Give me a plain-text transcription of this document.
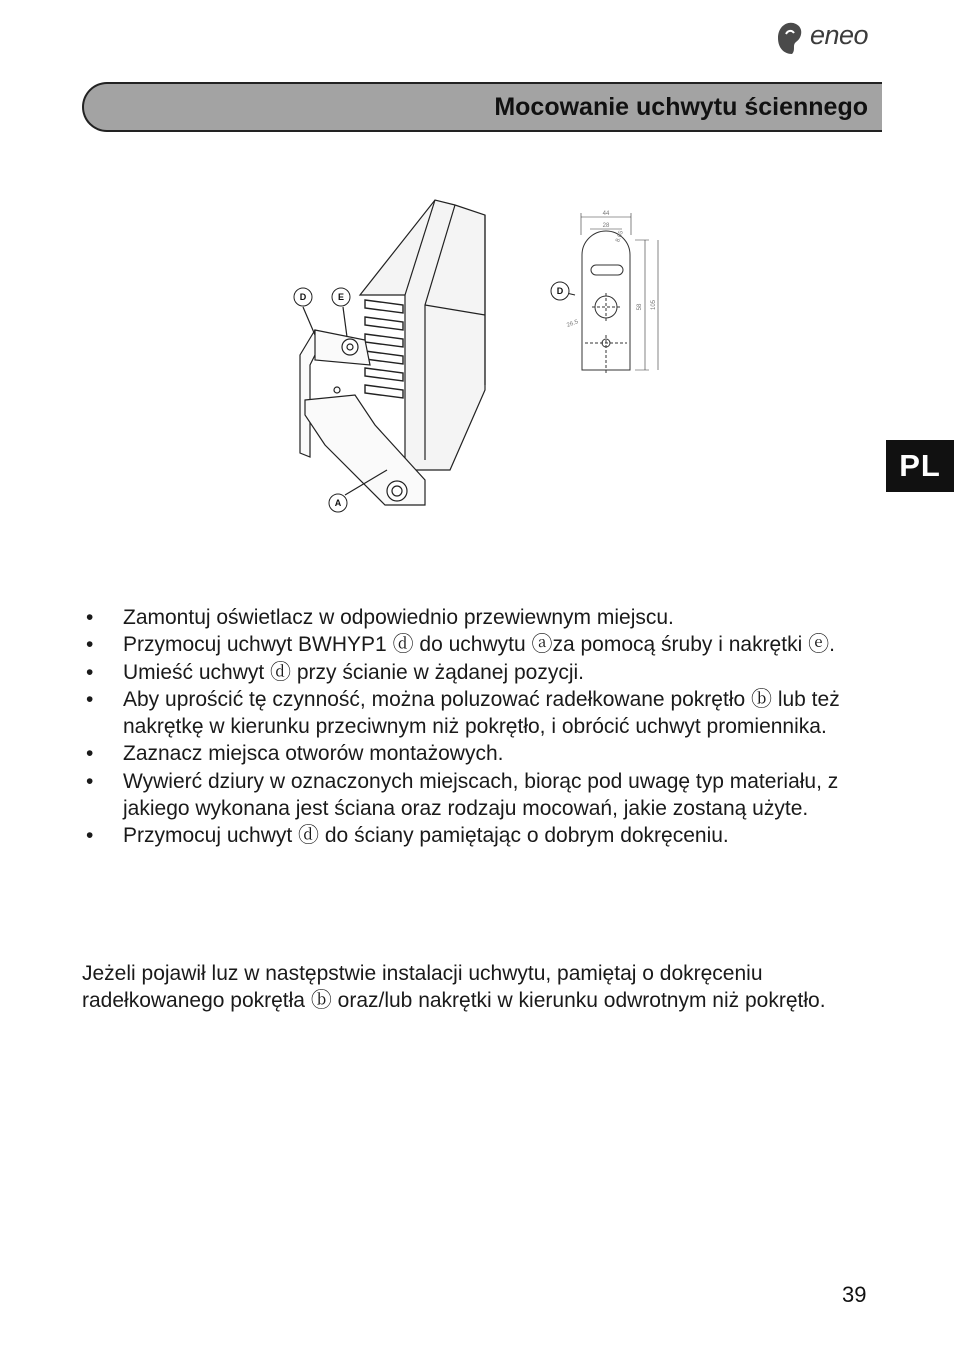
eneo
Mocowanie uchwytu ściennego
PL
D	E
A
44
28
8.65
58 105
26.5
D
• Zamontuj oświetlacz w odpowiednio przewiewnym miejscu.
• Przymocuj uchwyt BWHYP1 ⓓ do uchwytu ⓐza pomocą śruby i nakrętki ⓔ.
• Umieść uchwyt ⓓ przy ścianie w żądanej pozycji.
• Aby uprościć tę czynność, można poluzować radełkowane pokrętło ⓑ lub też nakrętkę w kierunku przeciwnym niż pokrętło, i obrócić uchwyt promiennika.
• Zaznacz miejsca otworów montażowych.
• Wywierć dziury w oznaczonych miejscach, biorąc pod uwagę typ materiału, z jakiego wykonana jest ściana oraz rodzaju mocowań, jakie zostaną użyte.
• Przymocuj uchwyt ⓓ do ściany pamiętając o dobrym dokręceniu.

Jeżeli pojawił luz w następstwie instalacji uchwytu, pamiętaj o dokręceniu radełkowanego pokrętła ⓑ oraz/lub nakrętki w kierunku odwrotnym niż pokrętło.

39
